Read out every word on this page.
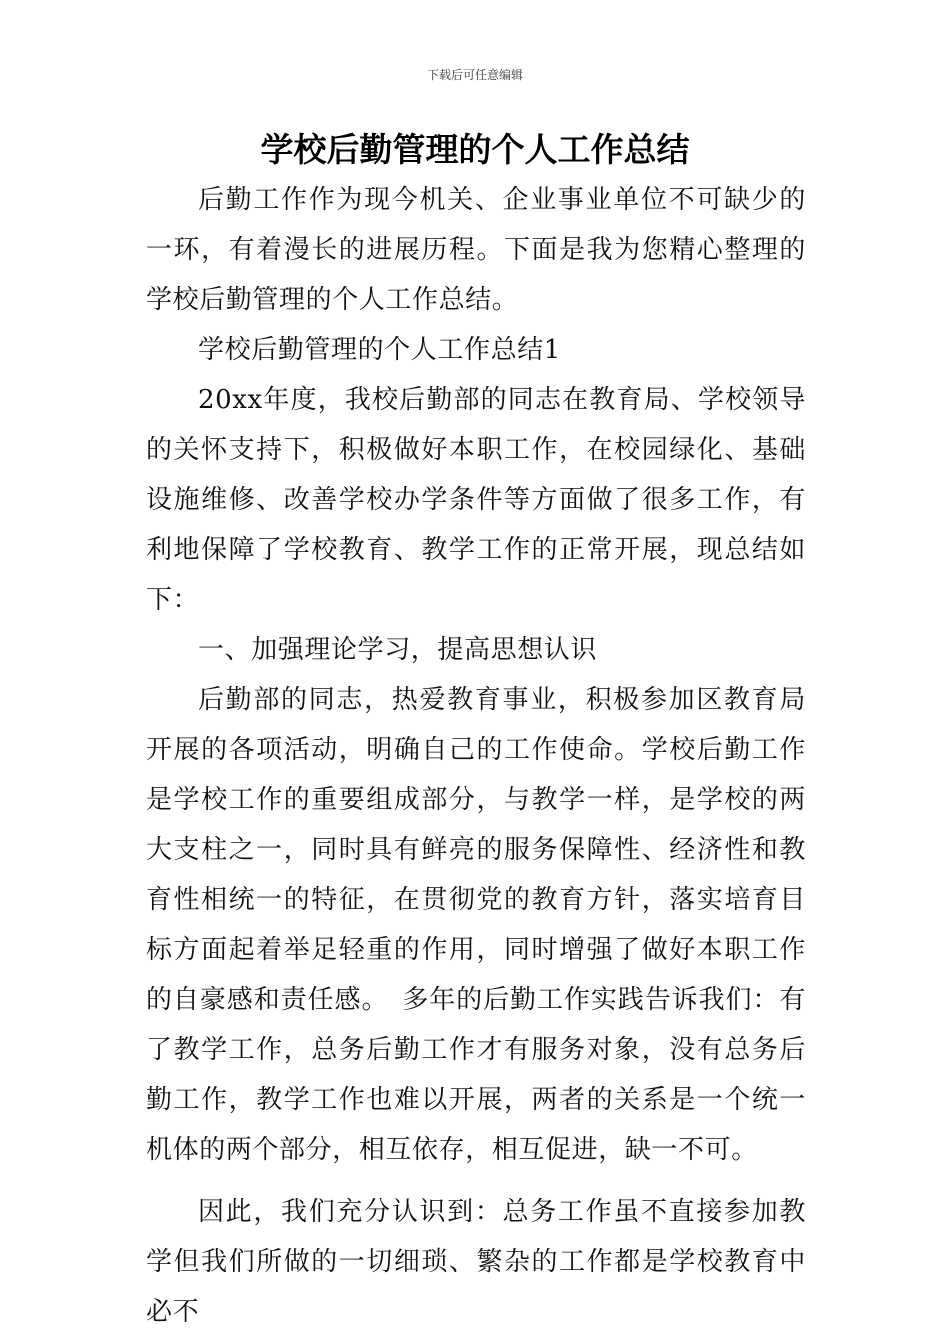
下载后可任意编辑
学校后勤管理的个人工作总结

后勤工作作为现今机关、企业事业单位不可缺少的一环，有着漫长的进展历程。下面是我为您精心整理的学校后勤管理的个人工作总结。

学校后勤管理的个人工作总结1

20xx年度，我校后勤部的同志在教育局、学校领导的关怀支持下，积极做好本职工作，在校园绿化、基础设施维修、改善学校办学条件等方面做了很多工作，有利地保障了学校教育、教学工作的正常开展，现总结如下：

一、加强理论学习，提高思想认识

后勤部的同志，热爱教育事业，积极参加区教育局开展的各项活动，明确自己的工作使命。学校后勤工作是学校工作的重要组成部分，与教学一样，是学校的两大支柱之一，同时具有鲜亮的服务保障性、经济性和教育性相统一的特征，在贯彻党的教育方针，落实培育目标方面起着举足轻重的作用，同时增强了做好本职工作的自豪感和责任感。　多年的后勤工作实践告诉我们：有了教学工作，总务后勤工作才有服务对象，没有总务后勤工作，教学工作也难以开展，两者的关系是一个统一机体的两个部分，相互依存，相互促进，缺一不可。

因此，我们充分认识到：总务工作虽不直接参加教学但我们所做的一切细琐、繁杂的工作都是学校教育中必不
